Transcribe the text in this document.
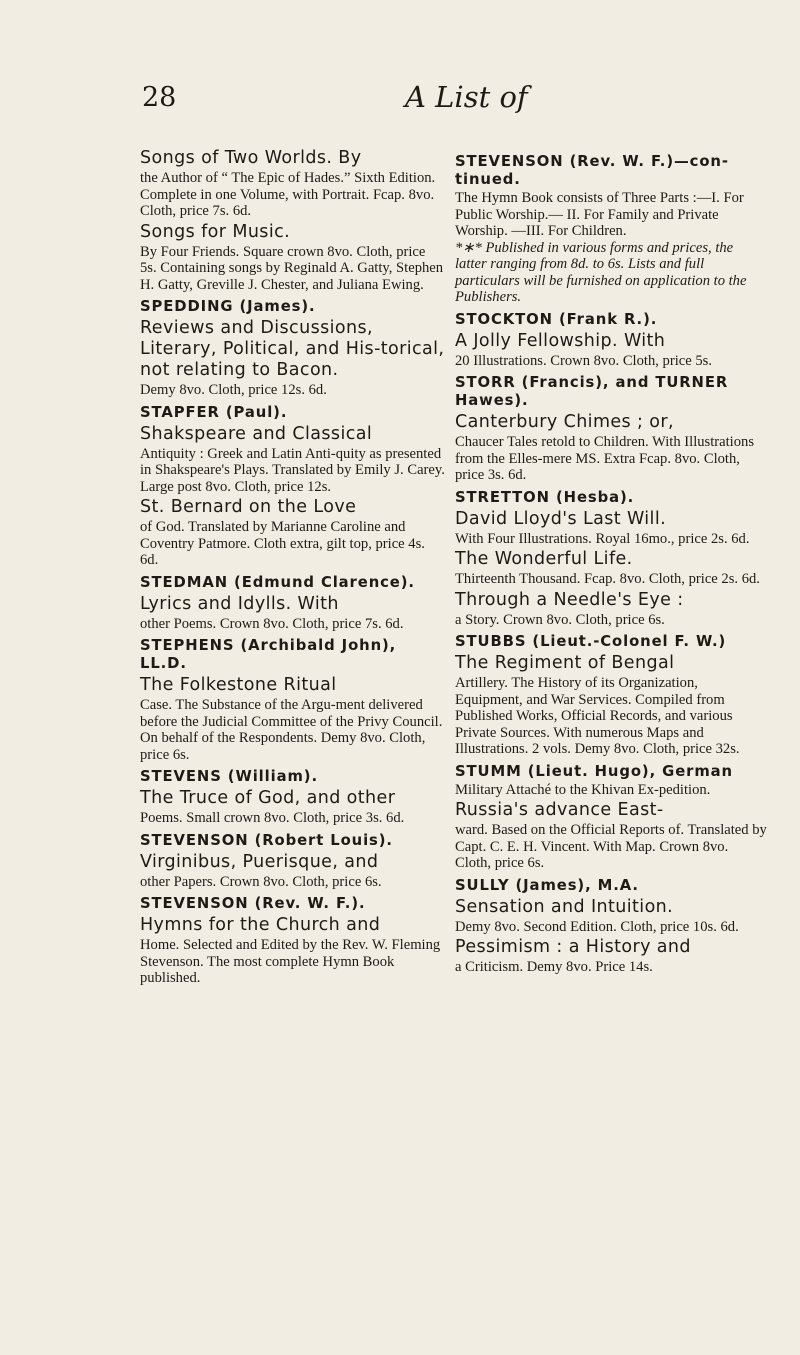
28	A List of
Songs of Two Worlds. By
the Author of “ The Epic of Hades.” Sixth Edition. Complete in one Volume, with Portrait. Fcap. 8vo. Cloth, price 7s. 6d.
Songs for Music.
By Four Friends. Square crown 8vo. Cloth, price 5s. Containing songs by Reginald A. Gatty, Stephen H. Gatty, Greville J. Chester, and Juliana Ewing.
SPEDDING (James).
Reviews and Discussions, Literary, Political, and His-torical, not relating to Bacon.
Demy 8vo. Cloth, price 12s. 6d.
STAPFER (Paul).
Shakspeare and Classical
Antiquity : Greek and Latin Anti-quity as presented in Shakspeare's Plays. Translated by Emily J. Carey. Large post 8vo. Cloth, price 12s.
St. Bernard on the Love
of God. Translated by Marianne Caroline and Coventry Patmore. Cloth extra, gilt top, price 4s. 6d.
STEDMAN (Edmund Clarence).
Lyrics and Idylls. With
other Poems. Crown 8vo. Cloth, price 7s. 6d.
STEPHENS (Archibald John), LL.D.
The Folkestone Ritual
Case. The Substance of the Argu-ment delivered before the Judicial Committee of the Privy Council. On behalf of the Respondents. Demy 8vo. Cloth, price 6s.
STEVENS (William).
The Truce of God, and other
Poems. Small crown 8vo. Cloth, price 3s. 6d.
STEVENSON (Robert Louis).
Virginibus, Puerisque, and
other Papers. Crown 8vo. Cloth, price 6s.
STEVENSON (Rev. W. F.).
Hymns for the Church and
Home. Selected and Edited by the Rev. W. Fleming Stevenson. The most complete Hymn Book published.
STEVENSON (Rev. W. F.)—con-tinued.
The Hymn Book consists of Three Parts :—I. For Public Worship.— II. For Family and Private Worship. —III. For Children.
*∗* Published in various forms and prices, the latter ranging from 8d. to 6s. Lists and full particulars will be furnished on application to the Publishers.
STOCKTON (Frank R.).
A Jolly Fellowship. With
20 Illustrations. Crown 8vo. Cloth, price 5s.
STORR (Francis), and TURNER Hawes).
Canterbury Chimes ; or,
Chaucer Tales retold to Children. With Illustrations from the Elles-mere MS. Extra Fcap. 8vo. Cloth, price 3s. 6d.
STRETTON (Hesba).
David Lloyd's Last Will.
With Four Illustrations. Royal 16mo., price 2s. 6d.
The Wonderful Life.
Thirteenth Thousand. Fcap. 8vo. Cloth, price 2s. 6d.
Through a Needle's Eye :
a Story. Crown 8vo. Cloth, price 6s.
STUBBS (Lieut.-Colonel F. W.)
The Regiment of Bengal
Artillery. The History of its Organization, Equipment, and War Services. Compiled from Published Works, Official Records, and various Private Sources. With numerous Maps and Illustrations. 2 vols. Demy 8vo. Cloth, price 32s.
STUMM (Lieut. Hugo), German
Military Attaché to the Khivan Ex-pedition.
Russia's advance East-
ward. Based on the Official Reports of. Translated by Capt. C. E. H. Vincent. With Map. Crown 8vo. Cloth, price 6s.
SULLY (James), M.A.
Sensation and Intuition.
Demy 8vo. Second Edition. Cloth, price 10s. 6d.
Pessimism : a History and
a Criticism. Demy 8vo. Price 14s.
